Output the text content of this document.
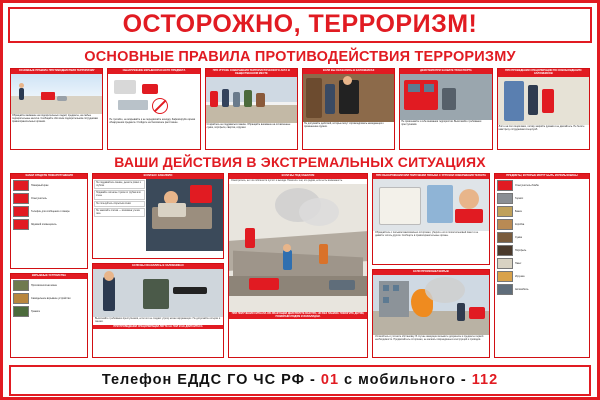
ОСТОРОЖНО, ТЕРРОРИЗМ!
ОСНОВНЫЕ ПРАВИЛА ПРОТИВОДЕЙСТВИЯ ТЕРРОРИЗМУ
ОСНОВНЫЕ ПРАВИЛА ПРОТИВОДЕЙСТВИЯ ТЕРРОРИЗМУ
Обращайте внимание на подозрительных людей, предметы, на любые подозрительные мелочи. Сообщайте обо всем подозрительном сотрудникам правоохранительных органов.
ОБНАРУЖЕНИЕ ВЗРЫВООПАСНОГО ПРЕДМЕТА
Не трогайте, не вскрывайте и не передвигайте находку. Зафиксируйте время обнаружения предмета. Отойдите на безопасное расстояние.
ПРИ УГРОЗЕ СОВЕРШЕНИЯ ТЕРРОРИСТИЧЕСКОГО АКТА В ОБЩЕСТВЕННОМ МЕСТЕ
Старайтесь не поддаваться панике. Обращайте внимание на оставленные сумки, портфели, свёртки, игрушки.
ЕСЛИ ВЫ ОКАЗАЛИСЬ В ЗАЛОЖНИКАХ
Не допускайте действий, которые могут спровоцировать нападающих к применению оружия.
ДЕЙСТВИЯ ПРИ ЗАХВАТЕ ТРАНСПОРТА
Не привлекайте к себе внимания террористов. Выполняйте требования преступников.
ПРИ ПРОВЕДЕНИИ СПЕЦОПЕРАЦИИ ПО ОСВОБОЖДЕНИЮ ЗАЛОЖНИКОВ
Лягте на пол лицом вниз, голову закройте руками и не двигайтесь. Не бегите навстречу сотрудникам спецслужб.
ВАШИ ДЕЙСТВИЯ В ЭКСТРЕМАЛЬНЫХ СИТУАЦИЯХ
ЗНАКИ СРЕДСТВ ПОЖАРОТУШЕНИЯ
Пожарный кран
Огнетушитель
Телефон для сообщения о пожаре
Звуковой оповещатель
ВЗРЫВНЫЕ УСТРОЙСТВА
Противопехотная мина
Самодельное взрывное устройство
Граната
ЕСЛИ ВАС ЗАВАЛИЛО
Не поддавайтесь панике, дышите ровно и глубоко
Подавайте сигналы стуком по трубам или стене
Не пользуйтесь открытым огнём
Не зажигайте спички — возможна утечка газа
ЕСЛИ ВЫ ОКАЗАЛИСЬ В ЗАЛОЖНИКАХ
Выполняйте требования преступников, если это не создаёт угрозу жизни окружающих. Не допускайте истерик и паники.
ПРИ ПРОВЕДЕНИИ СПЕЦОПЕРАЦИИ ЛЯГТЕ НА ПОЛ И НЕ ДВИГАЙТЕСЬ
ЕСЛИ ВЫ ПОД ЗАВАЛОМ
Осмотритесь, нет ли поблизости пустот и выхода. Помогите тем, кто рядом, если есть возможность.
ПРИ ПОЛУЧЕНИИ СИГНАЛА ОБ ЭВАКУАЦИИ ДЕЙСТВУЙТЕ БЫСТРО, НО БЕЗ ПАНИКИ. ПОМОГИТЕ ДЕТЯМ, ПОЖИЛЫМ ЛЮДЯМ И ИНВАЛИДАМ.
ПРИ ОБНАРУЖЕНИИ ИЛИ ПОЛУЧЕНИИ ПИСЬМА С УГРОЗОЙ СОВЕРШЕНИЯ ТЕРАКТА
Обращайтесь с письмом максимально осторожно, уберите его в полиэтиленовый пакет и не давайте читать другим. Сообщите в правоохранительные органы.
ЕСЛИ ПРОИЗОШЁЛ ВЗРЫВ
Успокойтесь и уточните обстановку. В случае эвакуации возьмите документы и предметы первой необходимости. Продвигайтесь осторожно, не касаясь повреждённых конструкций и проводов.
ПРЕДМЕТЫ, КОТОРЫЕ МОГУТ БЫТЬ ИСПОЛЬЗОВАНЫ
Огнетушитель-бомба
Термос
Банка
Коробка
Сумка
Портфель
Пакет
Игрушка
Автомобиль
Телефон ЕДДС ГО ЧС РФ - 01 с мобильного - 112
